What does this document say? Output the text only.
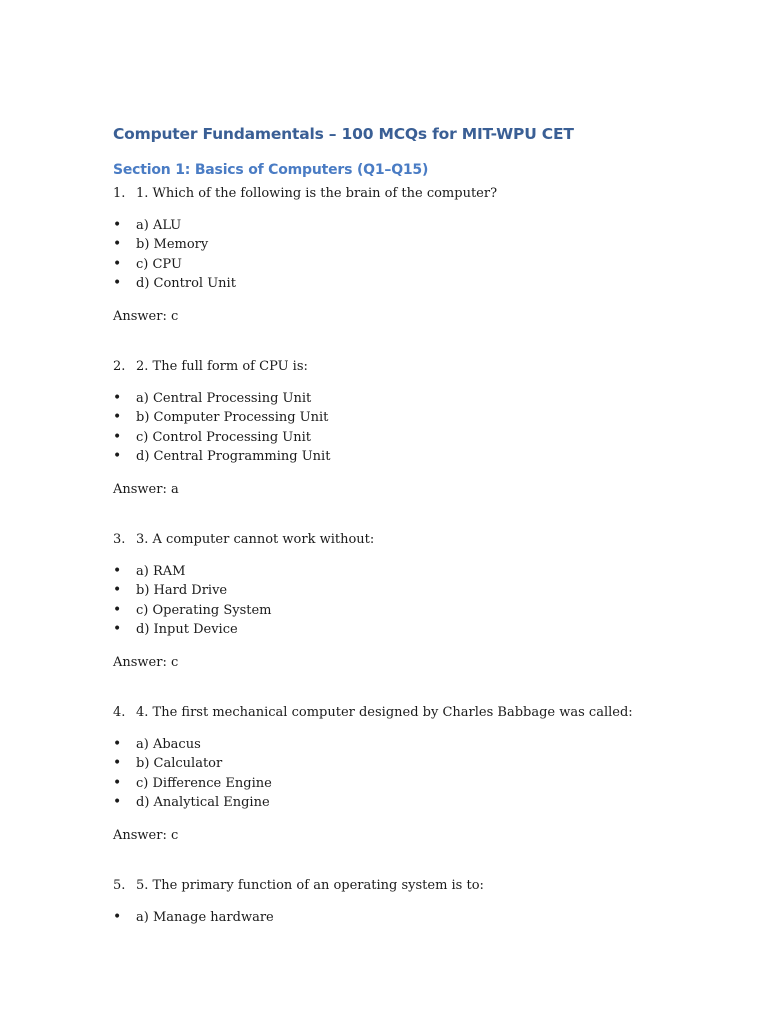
Computer Fundamentals – 100 MCQs for MIT-WPU CET
Section 1: Basics of Computers (Q1–Q15)
1. 1. Which of the following is the brain of the computer?
•	a) ALU
•	b) Memory
•	c) CPU
•	d) Control Unit
Answer: c
2. 2. The full form of CPU is:
•	a) Central Processing Unit
•	b) Computer Processing Unit
•	c) Control Processing Unit
•	d) Central Programming Unit
Answer: a
3. 3. A computer cannot work without:
•	a) RAM
•	b) Hard Drive
•	c) Operating System
•	d) Input Device
Answer: c
4. 4. The first mechanical computer designed by Charles Babbage was called:
•	a) Abacus
•	b) Calculator
•	c) Difference Engine
•	d) Analytical Engine
Answer: c
5. 5. The primary function of an operating system is to:
•	a) Manage hardware
